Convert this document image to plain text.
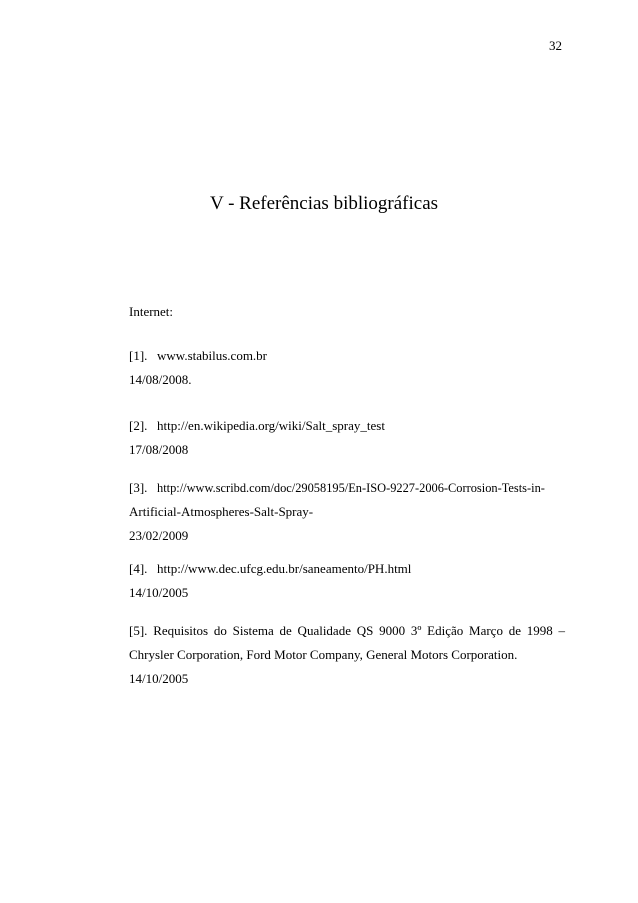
32
V - Referências bibliográficas
Internet:
[1]. www.stabilus.com.br
14/08/2008.
[2]. http://en.wikipedia.org/wiki/Salt_spray_test
17/08/2008
[3]. http://www.scribd.com/doc/29058195/En-ISO-9227-2006-Corrosion-Tests-in-
Artificial-Atmospheres-Salt-Spray-
23/02/2009
[4]. http://www.dec.ufcg.edu.br/saneamento/PH.html
14/10/2005
[5]. Requisitos do Sistema de Qualidade QS 9000 3º Edição Março de 1998 –
Chrysler Corporation, Ford Motor Company, General Motors Corporation.
14/10/2005
